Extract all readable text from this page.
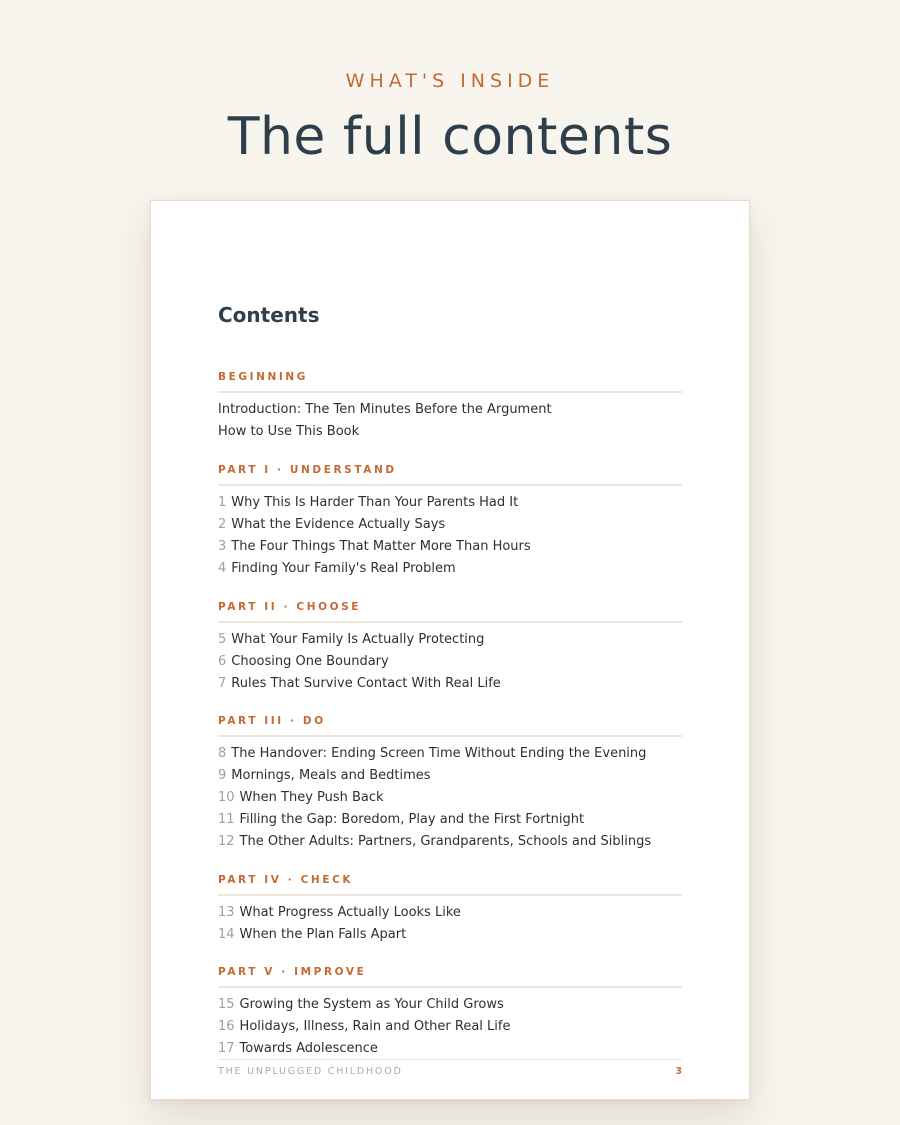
WHAT'S INSIDE
The full contents
Contents
BEGINNING
Introduction: The Ten Minutes Before the Argument
How to Use This Book
PART I · UNDERSTAND
1 Why This Is Harder Than Your Parents Had It
2 What the Evidence Actually Says
3 The Four Things That Matter More Than Hours
4 Finding Your Family's Real Problem
PART II · CHOOSE
5 What Your Family Is Actually Protecting
6 Choosing One Boundary
7 Rules That Survive Contact With Real Life
PART III · DO
8 The Handover: Ending Screen Time Without Ending the Evening
9 Mornings, Meals and Bedtimes
10 When They Push Back
11 Filling the Gap: Boredom, Play and the First Fortnight
12 The Other Adults: Partners, Grandparents, Schools and Siblings
PART IV · CHECK
13 What Progress Actually Looks Like
14 When the Plan Falls Apart
PART V · IMPROVE
15 Growing the System as Your Child Grows
16 Holidays, Illness, Rain and Other Real Life
17 Towards Adolescence
THE UNPLUGGED CHILDHOOD	3
